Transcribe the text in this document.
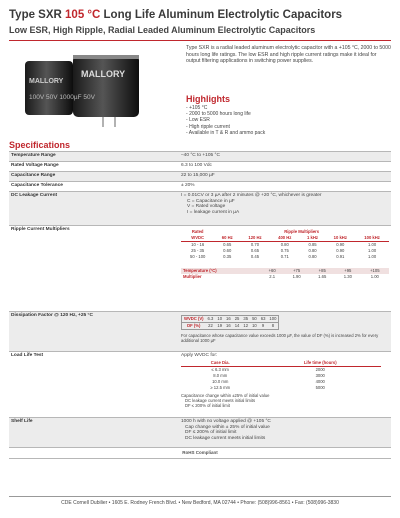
Type SXR 105 °C Long Life Aluminum Electrolytic Capacitors
Low ESR, High Ripple, Radial Leaded Aluminum Electrolytic Capacitors
MALLORY
MALLORY
100V 50V 1000µF 50V
Type SXR is a radial leaded aluminum electrolytic capacitor with a +105 °C, 2000 to 5000 hours long life ratings. The low ESR and high ripple current ratings make it ideal for output filtering applications in switching power supplies.
Highlights
- +105 °C
- 2000 to 5000 hours long life
- Low ESR
- High ripple current
- Available in T & R and ammo pack
Specifications
Temperature Range	–40 °C to +105 °C
Rated Voltage Range	6.3 to 100 Vdc
Capacitance Range	22 to 15,000 µF
Capacitance Tolerance	± 20%
DC Leakage Current	I = 0.01CV or 3 µA after 2 minutes @ +20 °C, whichever is greater
C = Capacitance in µF
V = Rated voltage
I = leakage current in µA
Ripple Current Multipliers	Rated	Ripple Multipliers					
WVDC	60 Hz	120 Hz	400 Hz	1 kHz	10 kHz	100 kHz
10 - 16	0.65	0.70	0.80	0.85	0.90	1.00
25 - 35	0.60	0.65	0.75	0.80	0.90	1.00
50 - 100	0.35	0.45	0.71	0.80	0.91	1.00
Temperature (°C)	+60	+75	+85	+95	+105
Multiplier	2.1	1.90	1.65	1.30	1.00
Dissipation Factor @ 120 Hz, +25 °C
WVDC (V)	6.3	10	16	25	35	50	63	100
DF (%)	22	19	16	14	12	10	9	8
For capacitance whose capacitance value exceeds 1000 µF, the value of DF (%) is increased 2% for every additional 1000 µF
Load Life Test	Apply WVDC for:
Case Dia.	Life time (hours)
≤ 6.3 mm	2000
8.0 mm	3000
10.0 mm	4000
≥ 12.5 mm	5000
Capacitance change within ±25% of initial value
DC leakage current meets initial limits
DF ≤ 200% of initial limit
Shelf Life	1000 h with no voltage applied @ +105 °C
Cap change within ± 25% of initial value
DF ≤ 200% of initial limit
DC leakage current meets initial limits
RoHS Compliant
CDE Cornell Dubilier • 1605 E. Rodney French Blvd. • New Bedford, MA 02744 • Phone: (508)996-8561 • Fax: (508)996-3830
